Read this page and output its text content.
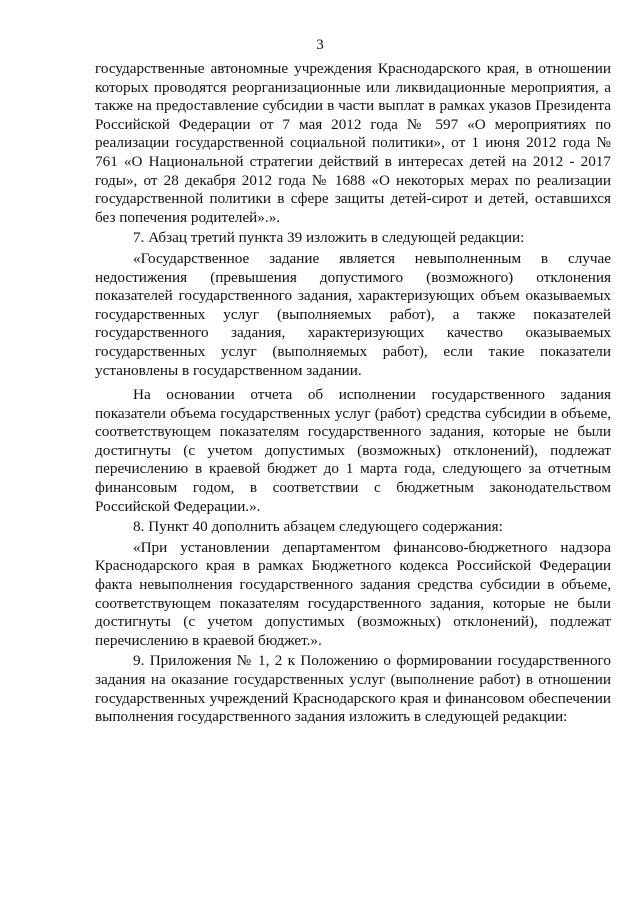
3

государственные автономные учреждения Краснодарского края, в отношении которых проводятся реорганизационные или ликвидационные мероприятия, а также на предоставление субсидии в части выплат в рамках указов Президента Российской Федерации от 7 мая 2012 года № 597 «О мероприятиях по реализации государственной социальной политики», от 1 июня 2012 года № 761 «О Национальной стратегии действий в интересах детей на 2012 - 2017 годы», от 28 декабря 2012 года № 1688 «О некоторых мерах по реализации государственной политики в сфере защиты детей-сирот и детей, оставшихся без попечения родителей».».

7. Абзац третий пункта 39 изложить в следующей редакции:

«Государственное задание является невыполненным в случае недостижения (превышения допустимого (возможного) отклонения показателей государственного задания, характеризующих объем оказываемых государственных услуг (выполняемых работ), а также показателей государственного задания, характеризующих качество оказываемых государственных услуг (выполняемых работ), если такие показатели установлены в государственном задании.

На основании отчета об исполнении государственного задания показатели объема государственных услуг (работ) средства субсидии в объеме, соответствующем показателям государственного задания, которые не были достигнуты (с учетом допустимых (возможных) отклонений), подлежат перечислению в краевой бюджет до 1 марта года, следующего за отчетным финансовым годом, в соответствии с бюджетным законодательством Российской Федерации.».

8. Пункт 40 дополнить абзацем следующего содержания:

«При установлении департаментом финансово-бюджетного надзора Краснодарского края в рамках Бюджетного кодекса Российской Федерации факта невыполнения государственного задания средства субсидии в объеме, соответствующем показателям государственного задания, которые не были достигнуты (с учетом допустимых (возможных) отклонений), подлежат перечислению в краевой бюджет.».

9. Приложения № 1, 2 к Положению о формировании государственного задания на оказание государственных услуг (выполнение работ) в отношении государственных учреждений Краснодарского края и финансовом обеспечении выполнения государственного задания изложить в следующей редакции:
